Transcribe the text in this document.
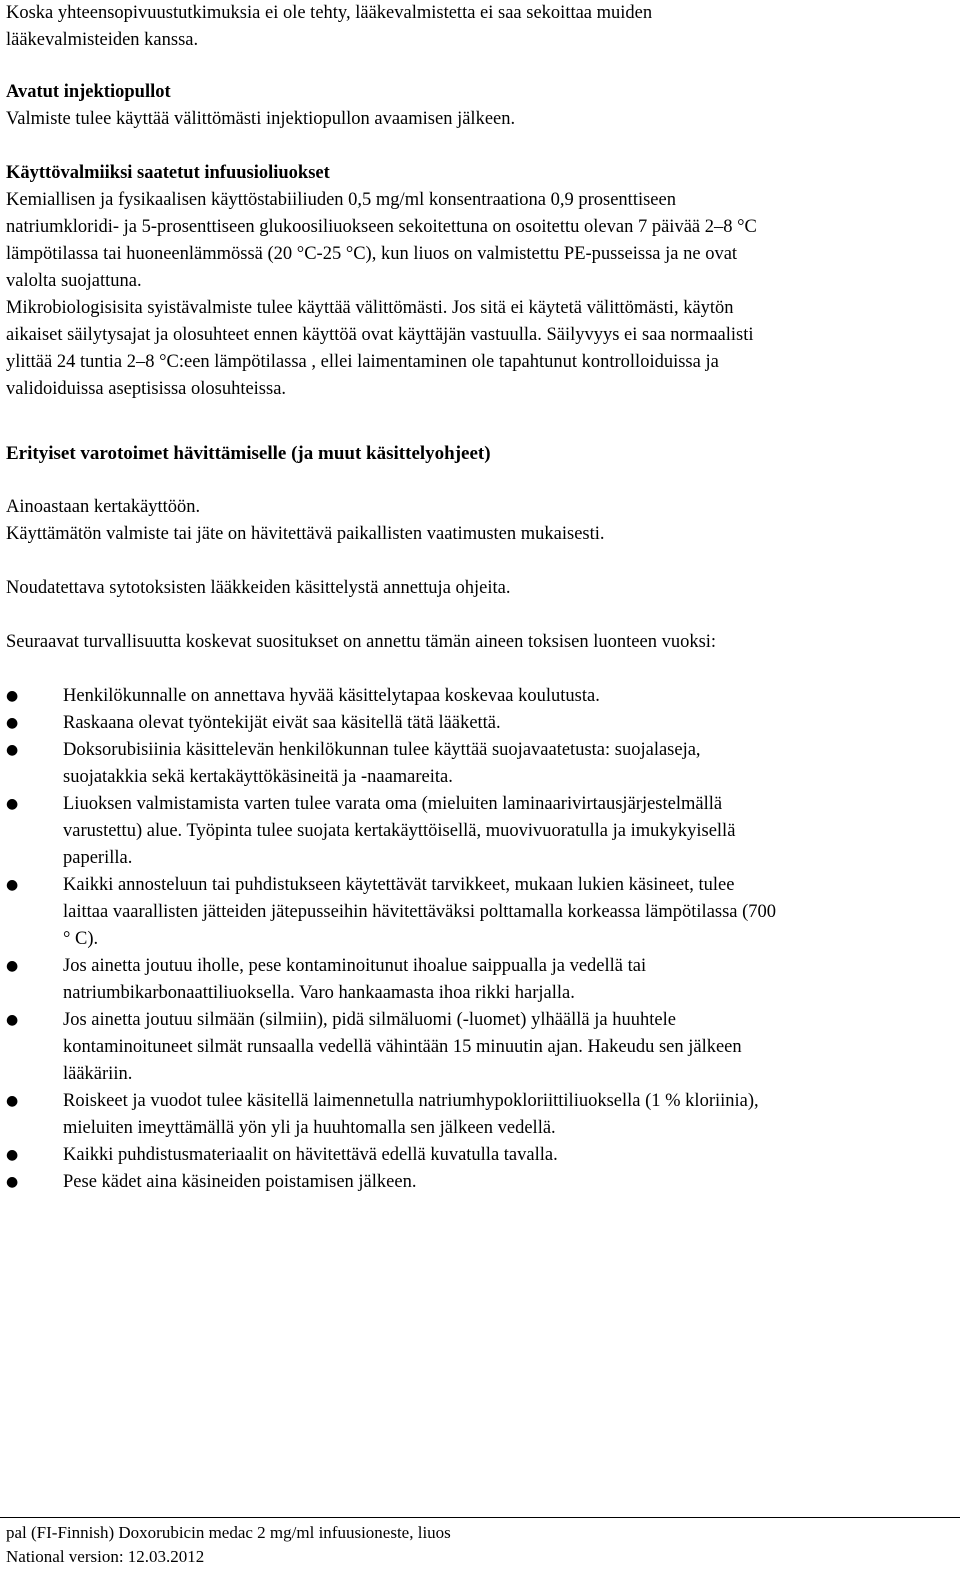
Koska yhteensopivuustutkimuksia ei ole tehty, lääkevalmistetta ei saa sekoittaa muiden
lääkevalmisteiden kanssa.
Avatut injektiopullot
Valmiste tulee käyttää välittömästi injektiopullon avaamisen jälkeen.
Käyttövalmiiksi saatetut infuusioliuokset
Kemiallisen ja fysikaalisen käyttöstabiiliuden 0,5 mg/ml konsentraationa 0,9 prosenttiseen
natriumkloridi- ja 5-prosenttiseen glukoosiliuokseen sekoitettuna on osoitettu olevan 7 päivää 2–8 °C
lämpötilassa tai huoneenlämmössä (20 °C-25 °C), kun liuos on valmistettu PE-pusseissa ja ne ovat
valolta suojattuna.
Mikrobiologisisita syistävalmiste tulee käyttää välittömästi. Jos sitä ei käytetä välittömästi, käytön
aikaiset säilytysajat ja olosuhteet ennen käyttöä ovat käyttäjän vastuulla. Säilyvyys ei saa normaalisti
ylittää 24 tuntia 2–8 °C:een lämpötilassa , ellei laimentaminen ole tapahtunut kontrolloiduissa ja
validoiduissa aseptisissa olosuhteissa.
Erityiset varotoimet hävittämiselle (ja muut käsittelyohjeet)
Ainoastaan kertakäyttöön.
Käyttämätön valmiste tai jäte on hävitettävä paikallisten vaatimusten mukaisesti.
Noudatettava sytotoksisten lääkkeiden käsittelystä annettuja ohjeita.
Seuraavat turvallisuutta koskevat suositukset on annettu tämän aineen toksisen luonteen vuoksi:
●	Henkilökunnalle on annettava hyvää käsittelytapaa koskevaa koulutusta.
●	Raskaana olevat työntekijät eivät saa käsitellä tätä lääkettä.
●	Doksorubisiinia käsittelevän henkilökunnan tulee käyttää suojavaatetusta: suojalaseja,
suojatakkia sekä kertakäyttökäsineitä ja -naamareita.
●	Liuoksen valmistamista varten tulee varata oma (mieluiten laminaarivirtausjärjestelmällä
varustettu) alue. Työpinta tulee suojata kertakäyttöisellä, muovivuoratulla ja imukykyisellä
paperilla.
●	Kaikki annosteluun tai puhdistukseen käytettävät tarvikkeet, mukaan lukien käsineet, tulee
laittaa vaarallisten jätteiden jätepusseihin hävitettäväksi polttamalla korkeassa lämpötilassa (700
° C).
●	Jos ainetta joutuu iholle, pese kontaminoitunut ihoalue saippualla ja vedellä tai
natriumbikarbonaattiliuoksella. Varo hankaamasta ihoa rikki harjalla.
●	Jos ainetta joutuu silmään (silmiin), pidä silmäluomi (-luomet) ylhäällä ja huuhtele
kontaminoituneet silmät runsaalla vedellä vähintään 15 minuutin ajan. Hakeudu sen jälkeen
lääkäriin.
●	Roiskeet ja vuodot tulee käsitellä laimennetulla natriumhypokloriittiliuoksella (1 % kloriinia),
mieluiten imeyttämällä yön yli ja huuhtomalla sen jälkeen vedellä.
●	Kaikki puhdistusmateriaalit on hävitettävä edellä kuvatulla tavalla.
●	Pese kädet aina käsineiden poistamisen jälkeen.
pal (FI-Finnish) Doxorubicin medac 2 mg/ml infuusioneste, liuos
National version: 12.03.2012
